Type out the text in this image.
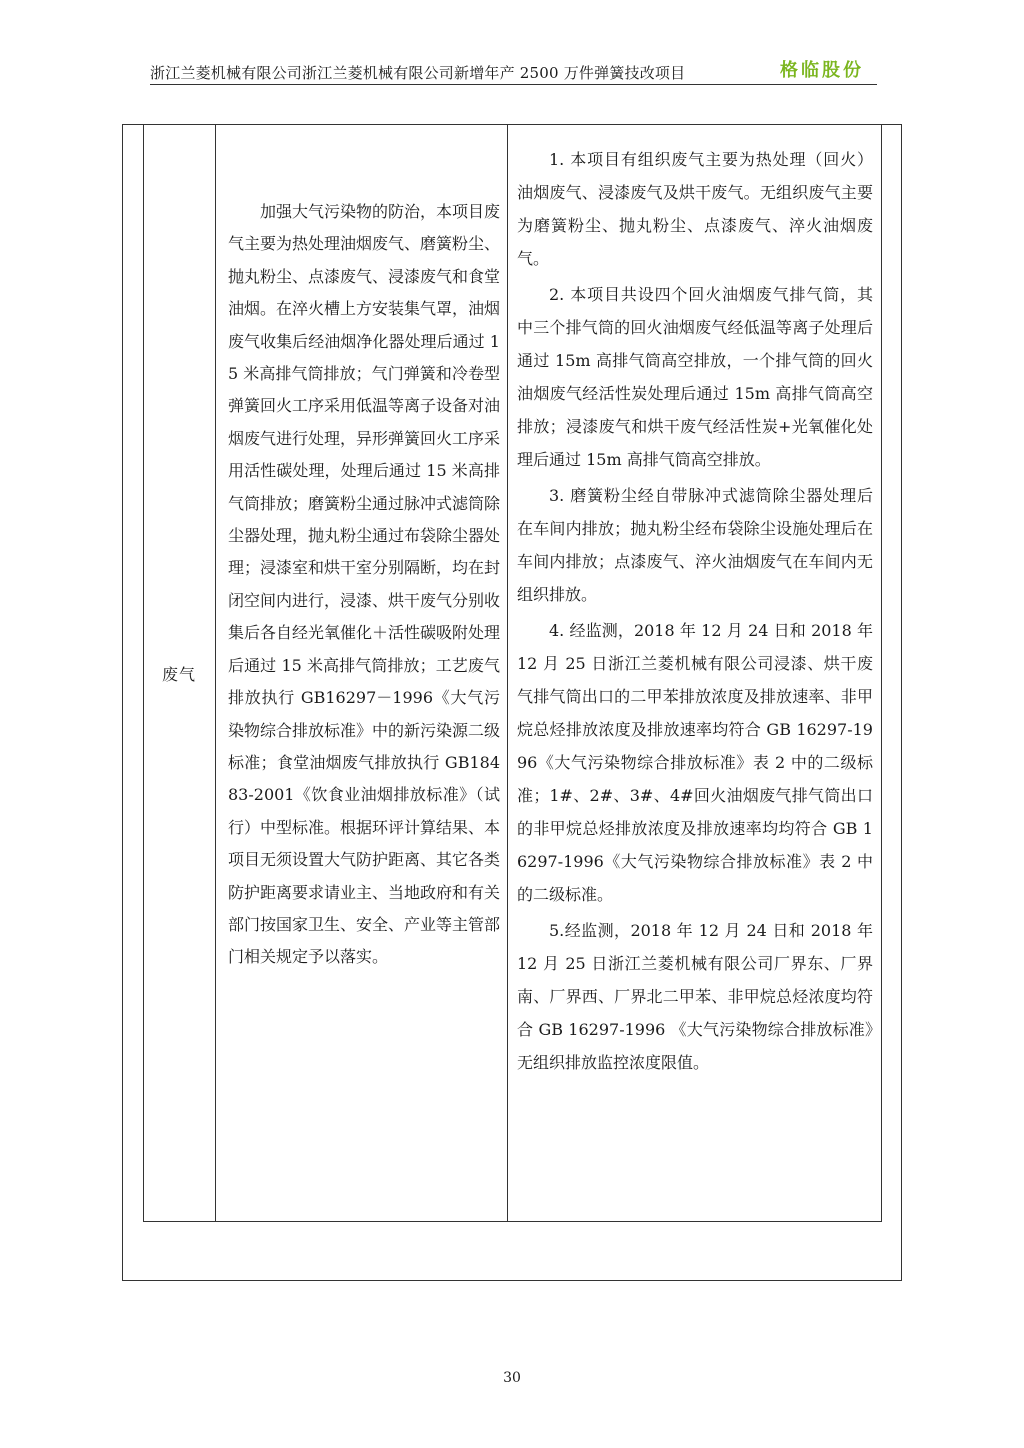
浙江兰菱机械有限公司浙江兰菱机械有限公司新增年产 2500 万件弹簧技改项目	格临股份
废气

加强大气污染物的防治，本项目废气主要为热处理油烟废气、磨簧粉尘、抛丸粉尘、点漆废气、浸漆废气和食堂油烟。在淬火槽上方安装集气罩，油烟废气收集后经油烟净化器处理后通过 15 米高排气筒排放；气门弹簧和冷卷型弹簧回火工序采用低温等离子设备对油烟废气进行处理，异形弹簧回火工序采用活性碳处理，处理后通过 15 米高排气筒排放；磨簧粉尘通过脉冲式滤筒除尘器处理，抛丸粉尘通过布袋除尘器处理；浸漆室和烘干室分别隔断，均在封闭空间内进行，浸漆、烘干废气分别收集后各自经光氧催化＋活性碳吸附处理后通过 15 米高排气筒排放；工艺废气排放执行 GB16297－1996《大气污染物综合排放标准》中的新污染源二级标准；食堂油烟废气排放执行 GB18483-2001《饮食业油烟排放标准》（试行）中型标准。根据环评计算结果、本项目无须设置大气防护距离、其它各类防护距离要求请业主、当地政府和有关部门按国家卫生、安全、产业等主管部门相关规定予以落实。

1. 本项目有组织废气主要为热处理（回火）油烟废气、浸漆废气及烘干废气。无组织废气主要为磨簧粉尘、抛丸粉尘、点漆废气、淬火油烟废气。

2. 本项目共设四个回火油烟废气排气筒，其中三个排气筒的回火油烟废气经低温等离子处理后通过 15m 高排气筒高空排放，一个排气筒的回火油烟废气经活性炭处理后通过 15m 高排气筒高空排放；浸漆废气和烘干废气经活性炭+光氧催化处理后通过 15m 高排气筒高空排放。

3. 磨簧粉尘经自带脉冲式滤筒除尘器处理后在车间内排放；抛丸粉尘经布袋除尘设施处理后在车间内排放；点漆废气、淬火油烟废气在车间内无组织排放。

4. 经监测，2018 年 12 月 24 日和 2018 年 12 月 25 日浙江兰菱机械有限公司浸漆、烘干废气排气筒出口的二甲苯排放浓度及排放速率、非甲烷总烃排放浓度及排放速率均符合 GB 16297-1996《大气污染物综合排放标准》表 2 中的二级标准；1#、2#、3#、4#回火油烟废气排气筒出口的非甲烷总烃排放浓度及排放速率均均符合 GB 16297-1996《大气污染物综合排放标准》表 2 中的二级标准。

5.经监测，2018 年 12 月 24 日和 2018 年 12 月 25 日浙江兰菱机械有限公司厂界东、厂界南、厂界西、厂界北二甲苯、非甲烷总烃浓度均符合 GB 16297-1996 《大气污染物综合排放标准》无组织排放监控浓度限值。

30
